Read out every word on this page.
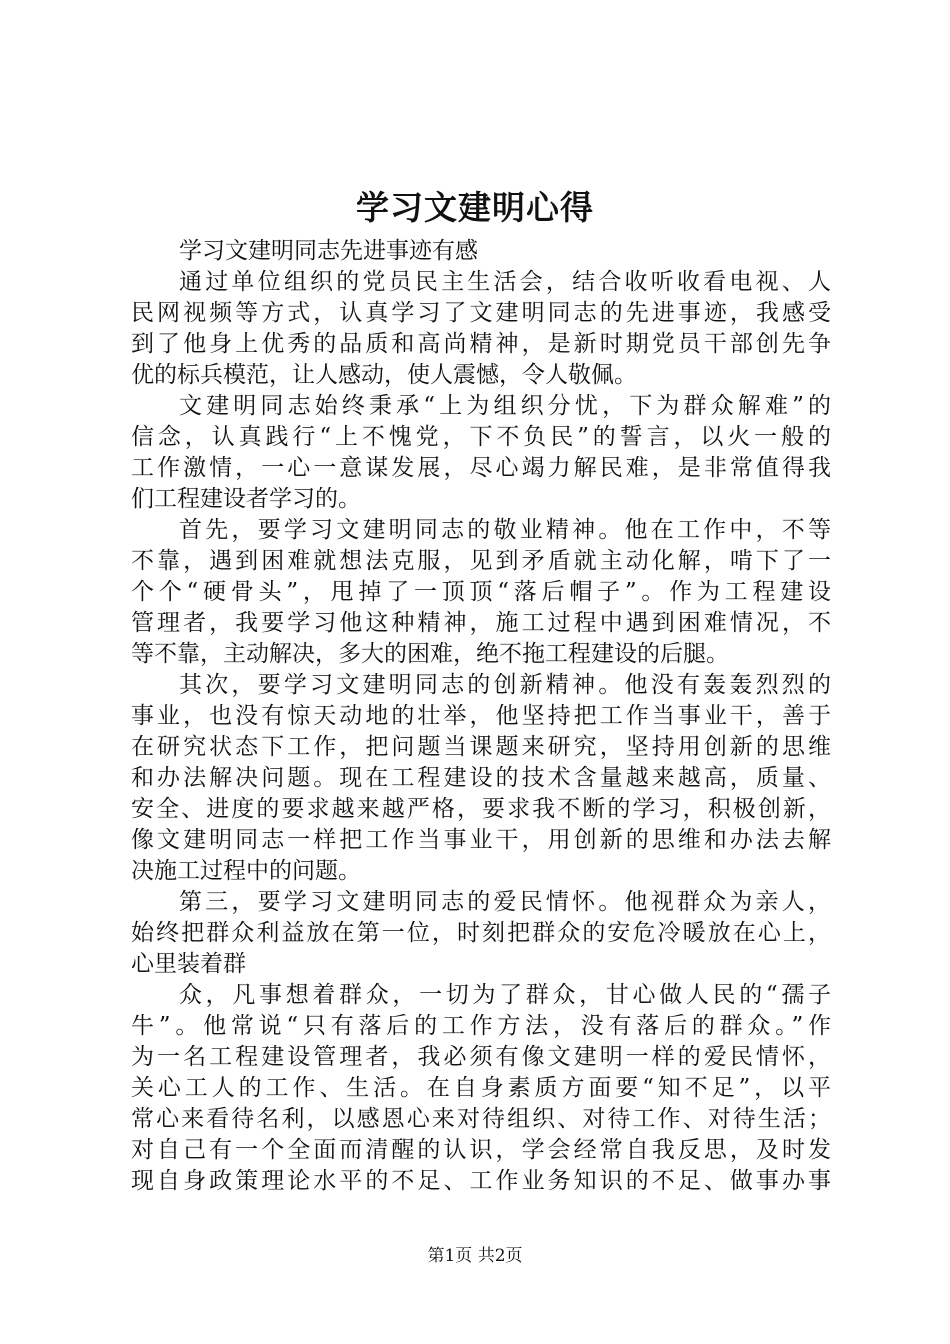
学习文建明心得
学习文建明同志先进事迹有感
通过单位组织的党员民主生活会，结合收听收看电视、人
民网视频等方式，认真学习了文建明同志的先进事迹，我感受
到了他身上优秀的品质和高尚精神，是新时期党员干部创先争
优的标兵模范，让人感动，使人震憾，令人敬佩。
文建明同志始终秉承“上为组织分忧，下为群众解难”的
信念，认真践行“上不愧党，下不负民”的誓言，以火一般的
工作激情，一心一意谋发展，尽心竭力解民难，是非常值得我
们工程建设者学习的。
首先，要学习文建明同志的敬业精神。他在工作中，不等
不靠，遇到困难就想法克服，见到矛盾就主动化解，啃下了一
个个“硬骨头”，甩掉了一顶顶“落后帽子”。作为工程建设
管理者，我要学习他这种精神，施工过程中遇到困难情况，不
等不靠，主动解决，多大的困难，绝不拖工程建设的后腿。
其次，要学习文建明同志的创新精神。他没有轰轰烈烈的
事业，也没有惊天动地的壮举，他坚持把工作当事业干，善于
在研究状态下工作，把问题当课题来研究，坚持用创新的思维
和办法解决问题。现在工程建设的技术含量越来越高，质量、
安全、进度的要求越来越严格，要求我不断的学习，积极创新，
像文建明同志一样把工作当事业干，用创新的思维和办法去解
决施工过程中的问题。
第三，要学习文建明同志的爱民情怀。他视群众为亲人，
始终把群众利益放在第一位，时刻把群众的安危冷暖放在心上，
心里装着群
众，凡事想着群众，一切为了群众，甘心做人民的“孺子
牛”。他常说“只有落后的工作方法，没有落后的群众。”作
为一名工程建设管理者，我必须有像文建明一样的爱民情怀，
关心工人的工作、生活。在自身素质方面要“知不足”，以平
常心来看待名利，以感恩心来对待组织、对待工作、对待生活；
对自己有一个全面而清醒的认识，学会经常自我反思，及时发
现自身政策理论水平的不足、工作业务知识的不足、做事办事
第1页 共2页
